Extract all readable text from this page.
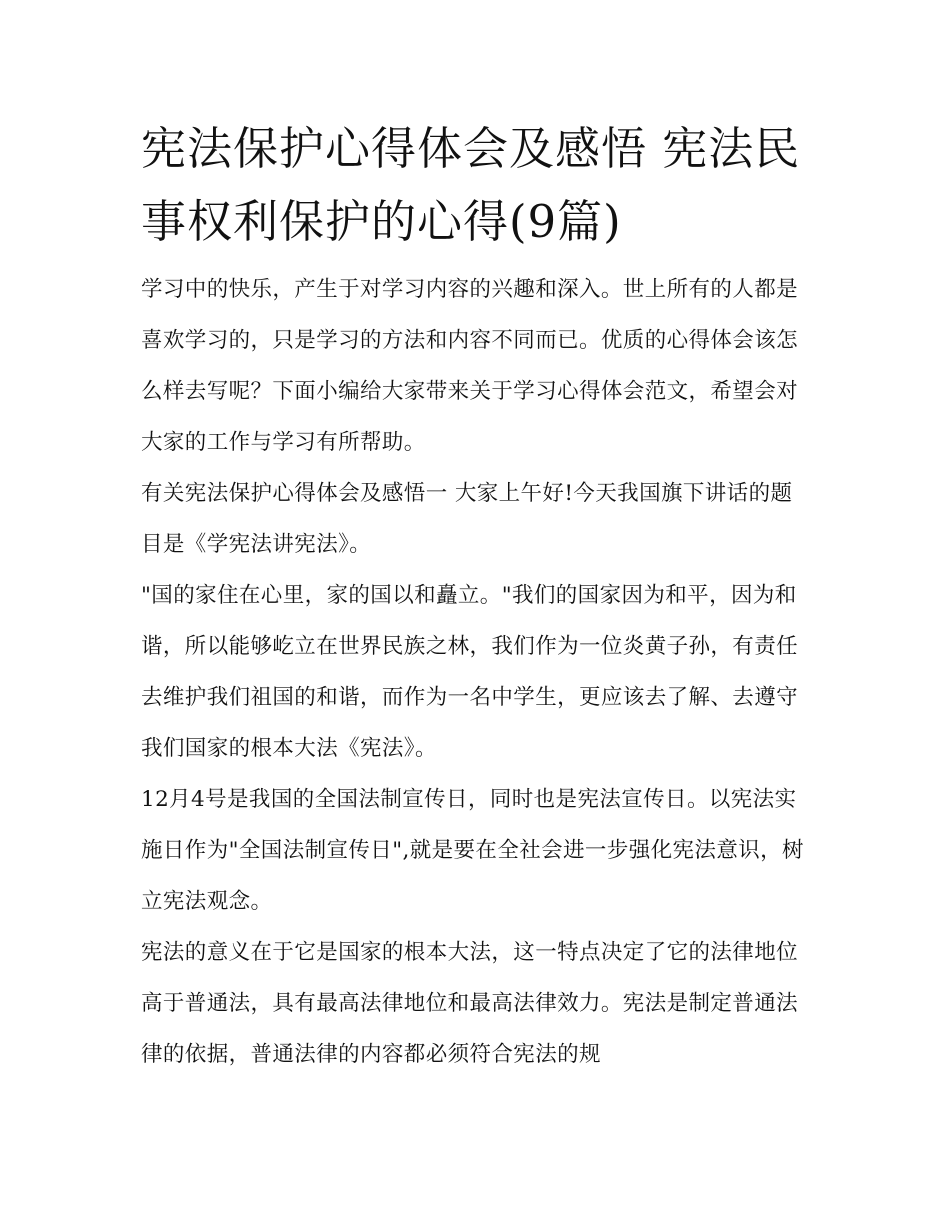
宪法保护心得体会及感悟 宪法民事权利保护的心得(9篇)

学习中的快乐，产生于对学习内容的兴趣和深入。世上所有的人都是喜欢学习的，只是学习的方法和内容不同而已。优质的心得体会该怎么样去写呢？下面小编给大家带来关于学习心得体会范文，希望会对大家的工作与学习有所帮助。

有关宪法保护心得体会及感悟一 大家上午好!今天我国旗下讲话的题目是《学宪法讲宪法》。

"国的家住在心里，家的国以和矗立。"我们的国家因为和平，因为和谐，所以能够屹立在世界民族之林，我们作为一位炎黄子孙，有责任去维护我们祖国的和谐，而作为一名中学生，更应该去了解、去遵守我们国家的根本大法《宪法》。

12月4号是我国的全国法制宣传日，同时也是宪法宣传日。以宪法实施日作为"全国法制宣传日",就是要在全社会进一步强化宪法意识，树立宪法观念。

宪法的意义在于它是国家的根本大法，这一特点决定了它的法律地位高于普通法，具有最高法律地位和最高法律效力。宪法是制定普通法律的依据，普通法律的内容都必须符合宪法的规
